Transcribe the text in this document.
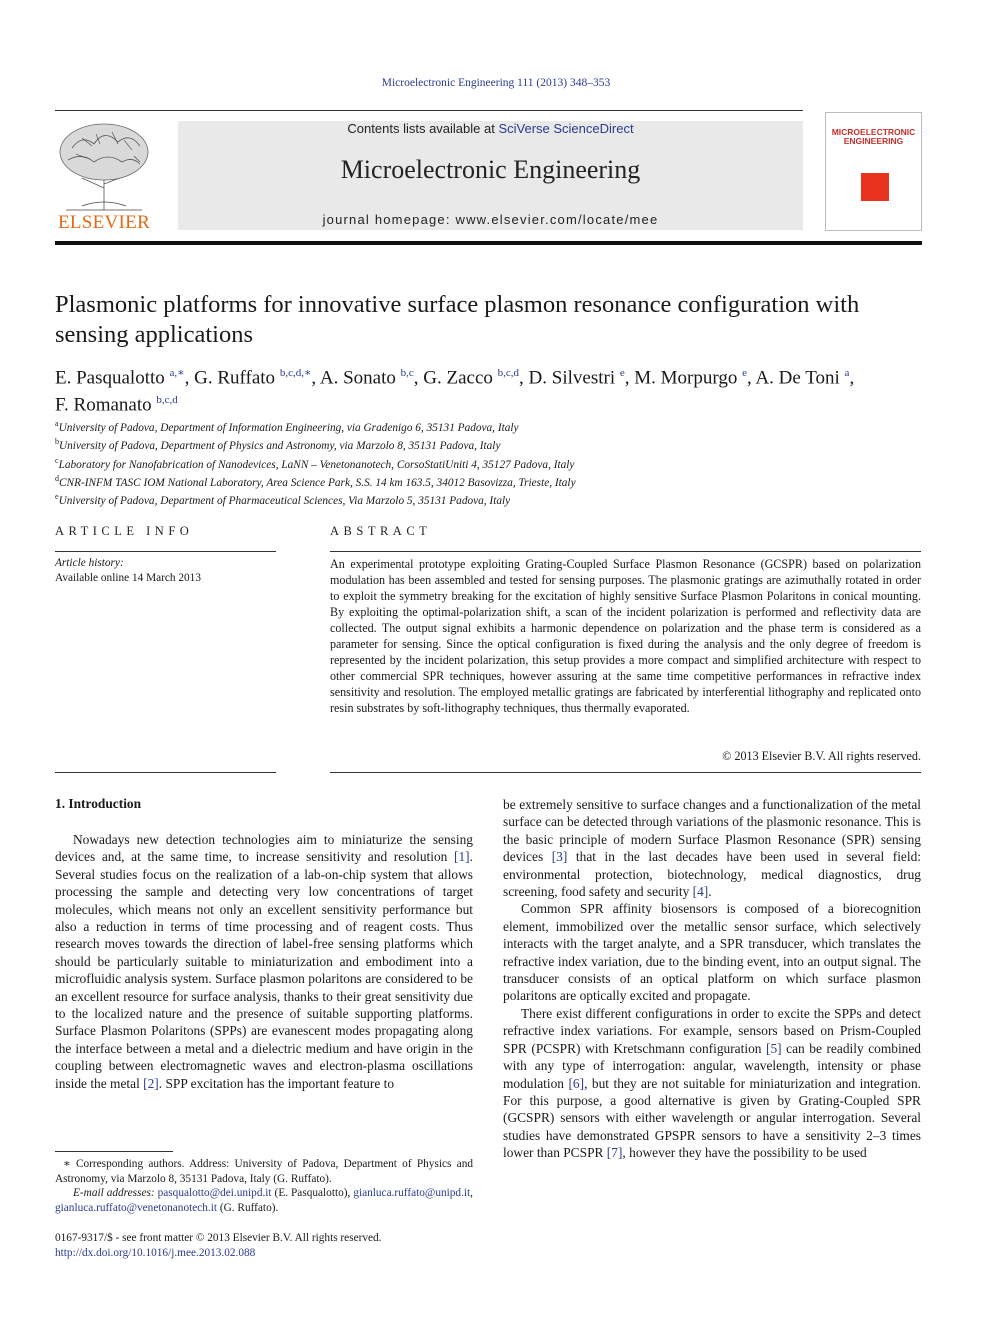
Microelectronic Engineering 111 (2013) 348–353
ELSEVIER
Contents lists available at SciVerse ScienceDirect
Microelectronic Engineering
journal homepage: www.elsevier.com/locate/mee
MICROELECTRONIC
ENGINEERING
Plasmonic platforms for innovative surface plasmon resonance configuration with sensing applications
E. Pasqualotto $^{a,∗}$, G. Ruffato $^{b,c,d,∗}$, A. Sonato $^{b,c}$, G. Zacco $^{b,c,d}$, D. Silvestri $^e$, M. Morpurgo $^e$, A. De Toni $^a$,
F. Romanato $^{b,c,d}$
$^a$University of Padova, Department of Information Engineering, via Gradenigo 6, 35131 Padova, Italy
$^b$University of Padova, Department of Physics and Astronomy, via Marzolo 8, 35131 Padova, Italy
$^c$Laboratory for Nanofabrication of Nanodevices, LaNN – Venetonanotech, CorsoStatiUniti 4, 35127 Padova, Italy
$^d$CNR-INFM TASC IOM National Laboratory, Area Science Park, S.S. 14 km 163.5, 34012 Basovizza, Trieste, Italy
$^e$University of Padova, Department of Pharmaceutical Sciences, Via Marzolo 5, 35131 Padova, Italy
ARTICLE INFO	ABSTRACT
Article history:
Available online 14 March 2013
An experimental prototype exploiting Grating-Coupled Surface Plasmon Resonance (GCSPR) based on polarization modulation has been assembled and tested for sensing purposes. The plasmonic gratings are azimuthally rotated in order to exploit the symmetry breaking for the excitation of highly sensitive Surface Plasmon Polaritons in conical mounting. By exploiting the optimal-polarization shift, a scan of the incident polarization is performed and reflectivity data are collected. The output signal exhibits a harmonic dependence on polarization and the phase term is considered as a parameter for sensing. Since the optical configuration is fixed during the analysis and the only degree of freedom is represented by the incident polarization, this setup provides a more compact and simplified architecture with respect to other commercial SPR techniques, however assuring at the same time competitive performances in refractive index sensitivity and resolution. The employed metallic gratings are fabricated by interferential lithography and replicated onto resin substrates by soft-lithography techniques, thus thermally evaporated.
© 2013 Elsevier B.V. All rights reserved.
1. Introduction

Nowadays new detection technologies aim to miniaturize the sensing devices and, at the same time, to increase sensitivity and resolution [1]. Several studies focus on the realization of a lab-on-chip system that allows processing the sample and detecting very low concentrations of target molecules, which means not only an excellent sensitivity performance but also a reduction in terms of time processing and of reagent costs. Thus research moves towards the direction of label-free sensing platforms which should be particularly suitable to miniaturization and embodiment into a microfluidic analysis system. Surface plasmon polaritons are considered to be an excellent resource for surface analysis, thanks to their great sensitivity due to the localized nature and the presence of suitable supporting platforms. Surface Plasmon Polaritons (SPPs) are evanescent modes propagating along the interface between a metal and a dielectric medium and have origin in the coupling between electromagnetic waves and electron-plasma oscillations inside the metal [2]. SPP excitation has the important feature to

be extremely sensitive to surface changes and a functionalization of the metal surface can be detected through variations of the plasmonic resonance. This is the basic principle of modern Surface Plasmon Resonance (SPR) sensing devices [3] that in the last decades have been used in several field: environmental protection, biotechnology, medical diagnostics, drug screening, food safety and security [4].

Common SPR affinity biosensors is composed of a biorecognition element, immobilized over the metallic sensor surface, which selectively interacts with the target analyte, and a SPR transducer, which translates the refractive index variation, due to the binding event, into an output signal. The transducer consists of an optical platform on which surface plasmon polaritons are optically excited and propagate.

There exist different configurations in order to excite the SPPs and detect refractive index variations. For example, sensors based on Prism-Coupled SPR (PCSPR) with Kretschmann configuration [5] can be readily combined with any type of interrogation: angular, wavelength, intensity or phase modulation [6], but they are not suitable for miniaturization and integration. For this purpose, a good alternative is given by Grating-Coupled SPR (GCSPR) sensors with either wavelength or angular interrogation. Several studies have demonstrated GPSPR sensors to have a sensitivity 2–3 times lower than PCSPR [7], however they have the possibility to be used

∗ Corresponding authors. Address: University of Padova, Department of Physics and Astronomy, via Marzolo 8, 35131 Padova, Italy (G. Ruffato).
E-mail addresses: pasqualotto@dei.unipd.it (E. Pasqualotto), gianluca.ruffato@unipd.it, gianluca.ruffato@venetonanotech.it (G. Ruffato).
0167-9317/$ - see front matter © 2013 Elsevier B.V. All rights reserved.
http://dx.doi.org/10.1016/j.mee.2013.02.088
